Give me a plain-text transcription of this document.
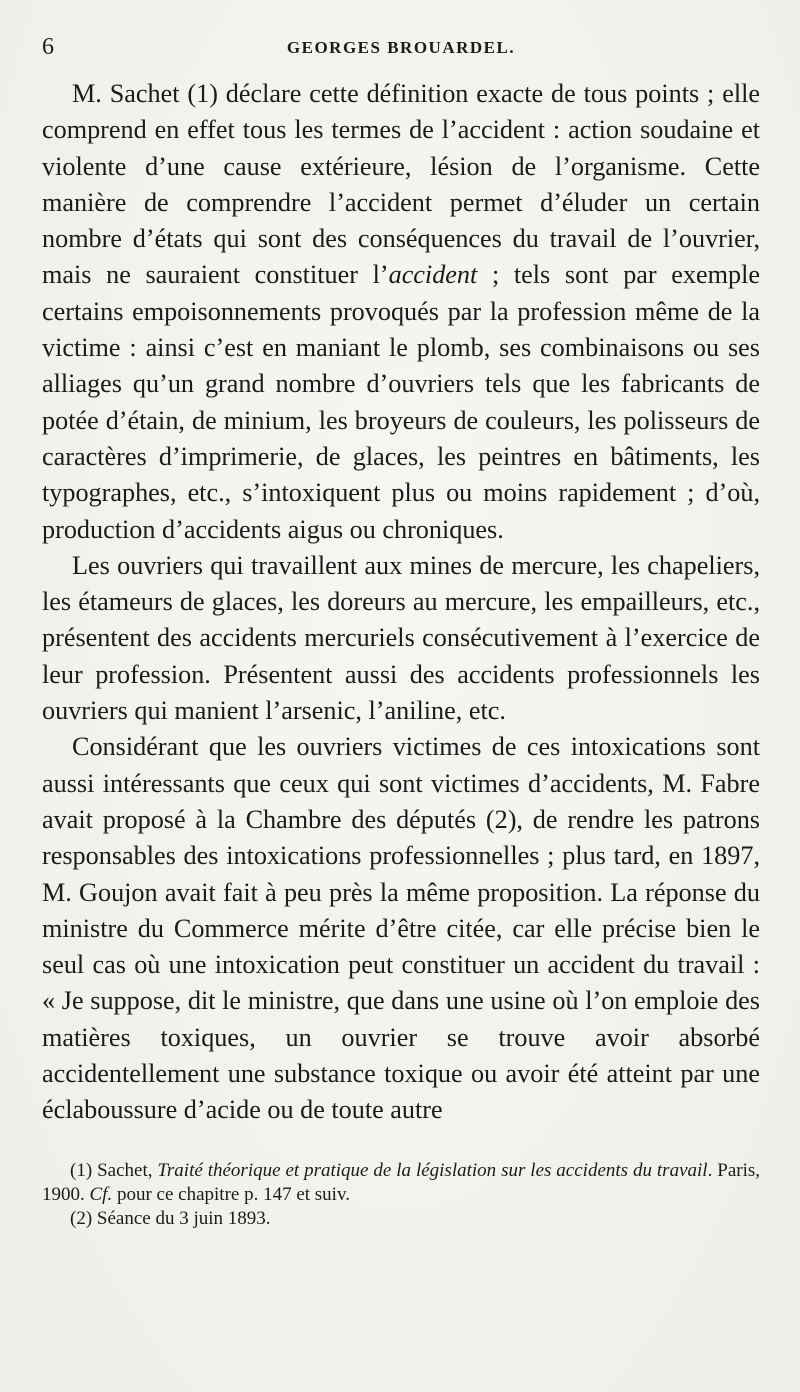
6	GEORGES BROUARDEL.

M. Sachet (1) déclare cette définition exacte de tous points ; elle comprend en effet tous les termes de l’accident : action soudaine et violente d’une cause extérieure, lésion de l’organisme. Cette manière de comprendre l’accident permet d’éluder un certain nombre d’états qui sont des conséquences du travail de l’ouvrier, mais ne sauraient constituer l’accident ; tels sont par exemple certains empoisonnements provoqués par la profession même de la victime : ainsi c’est en maniant le plomb, ses combinaisons ou ses alliages qu’un grand nombre d’ouvriers tels que les fabricants de potée d’étain, de minium, les broyeurs de couleurs, les polisseurs de caractères d’imprimerie, de glaces, les peintres en bâtiments, les typographes, etc., s’intoxiquent plus ou moins rapidement ; d’où, production d’accidents aigus ou chroniques.

Les ouvriers qui travaillent aux mines de mercure, les chapeliers, les étameurs de glaces, les doreurs au mercure, les empailleurs, etc., présentent des accidents mercuriels consécutivement à l’exercice de leur profession. Présentent aussi des accidents professionnels les ouvriers qui manient l’arsenic, l’aniline, etc.

Considérant que les ouvriers victimes de ces intoxications sont aussi intéressants que ceux qui sont victimes d’accidents, M. Fabre avait proposé à la Chambre des députés (2), de rendre les patrons responsables des intoxications professionnelles ; plus tard, en 1897, M. Goujon avait fait à peu près la même proposition. La réponse du ministre du Commerce mérite d’être citée, car elle précise bien le seul cas où une intoxication peut constituer un accident du travail : « Je suppose, dit le ministre, que dans une usine où l’on emploie des matières toxiques, un ouvrier se trouve avoir absorbé accidentellement une substance toxique ou avoir été atteint par une éclaboussure d’acide ou de toute autre

(1) Sachet, Traité théorique et pratique de la législation sur les accidents du travail. Paris, 1900. Cf. pour ce chapitre p. 147 et suiv.

(2) Séance du 3 juin 1893.
